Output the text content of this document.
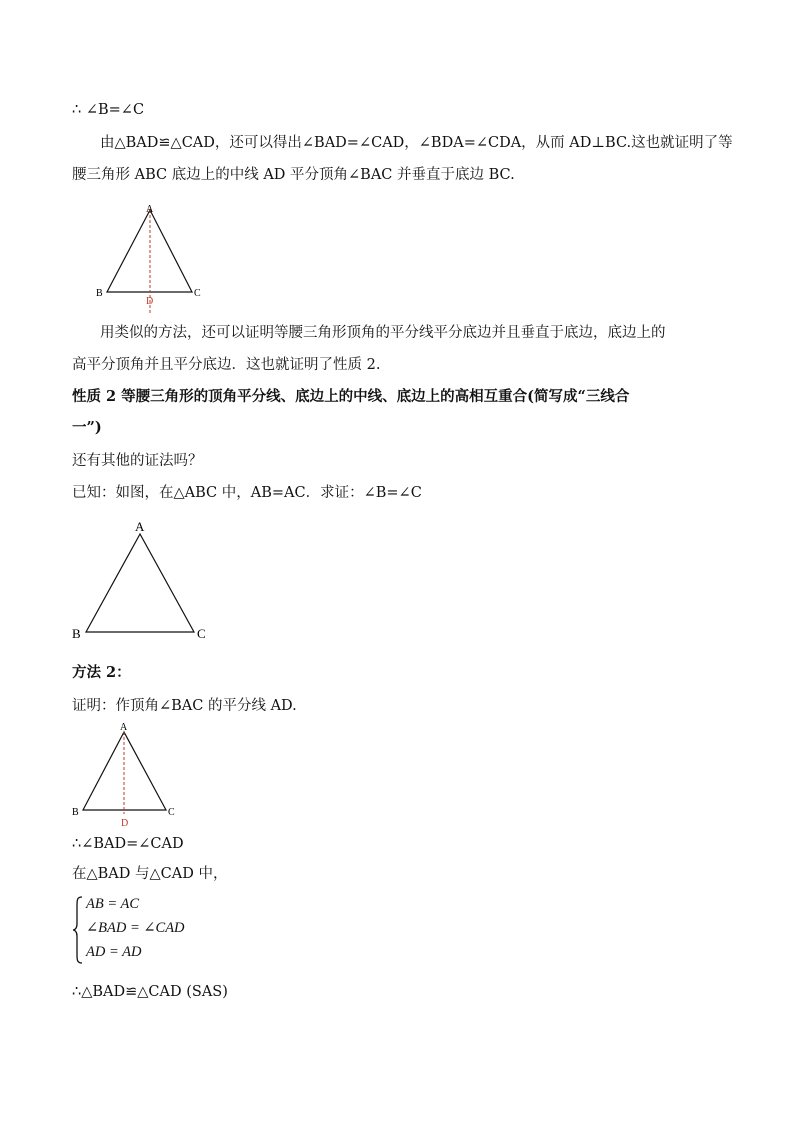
∴ ∠B=∠C
由△BAD≌△CAD，还可以得出∠BAD=∠CAD，∠BDA=∠CDA，从而 AD⊥BC.这也就证明了等
腰三角形 ABC 底边上的中线 AD 平分顶角∠BAC 并垂直于底边 BC.
A
B	C
D
用类似的方法，还可以证明等腰三角形顶角的平分线平分底边并且垂直于底边，底边上的
高平分顶角并且平分底边．这也就证明了性质 2.
性质 2 等腰三角形的顶角平分线、底边上的中线、底边上的高相互重合(简写成“三线合
一”)
还有其他的证法吗？
已知：如图，在△ABC 中，AB=AC．求证：∠B=∠C
A
B	C
方法 2：
证明：作顶角∠BAC 的平分线 AD.
A
B	C
D
∴∠BAD=∠CAD
在△BAD 与△CAD 中，
AB = AC
∠BAD = ∠CAD
AD = AD
∴△BAD≌△CAD (SAS)
